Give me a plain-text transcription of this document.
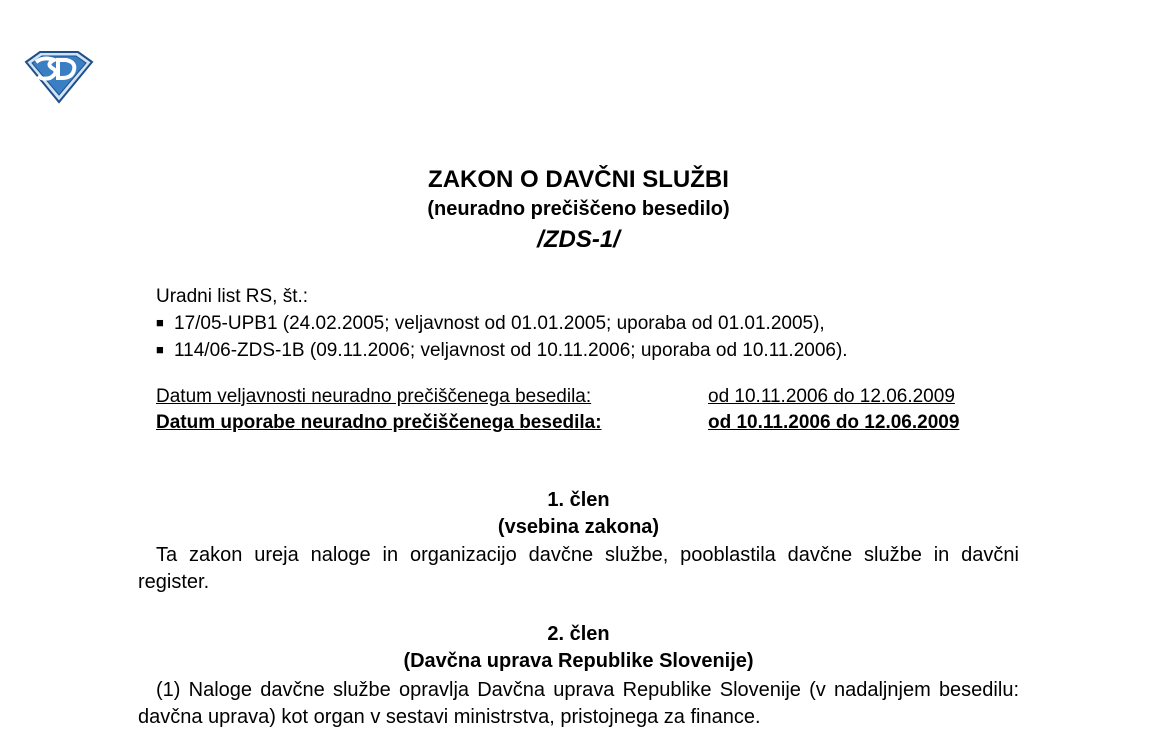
ZAKON O DAVČNI SLUŽBI
(neuradno prečiščeno besedilo)
/ZDS-1/
Uradni list RS, št.:
■ 17/05-UPB1 (24.02.2005; veljavnost od 01.01.2005; uporaba od 01.01.2005),
■ 114/06-ZDS-1B (09.11.2006; veljavnost od 10.11.2006; uporaba od 10.11.2006).
Datum veljavnosti neuradno prečiščenega besedila:	od 10.11.2006 do 12.06.2009
Datum uporabe neuradno prečiščenega besedila:	od 10.11.2006 do 12.06.2009
1. člen
(vsebina zakona)
Ta zakon ureja naloge in organizacijo davčne službe, pooblastila davčne službe in davčni register.
2. člen
(Davčna uprava Republike Slovenije)
(1) Naloge davčne službe opravlja Davčna uprava Republike Slovenije (v nadaljnjem besedilu: davčna uprava) kot organ v sestavi ministrstva, pristojnega za finance.
